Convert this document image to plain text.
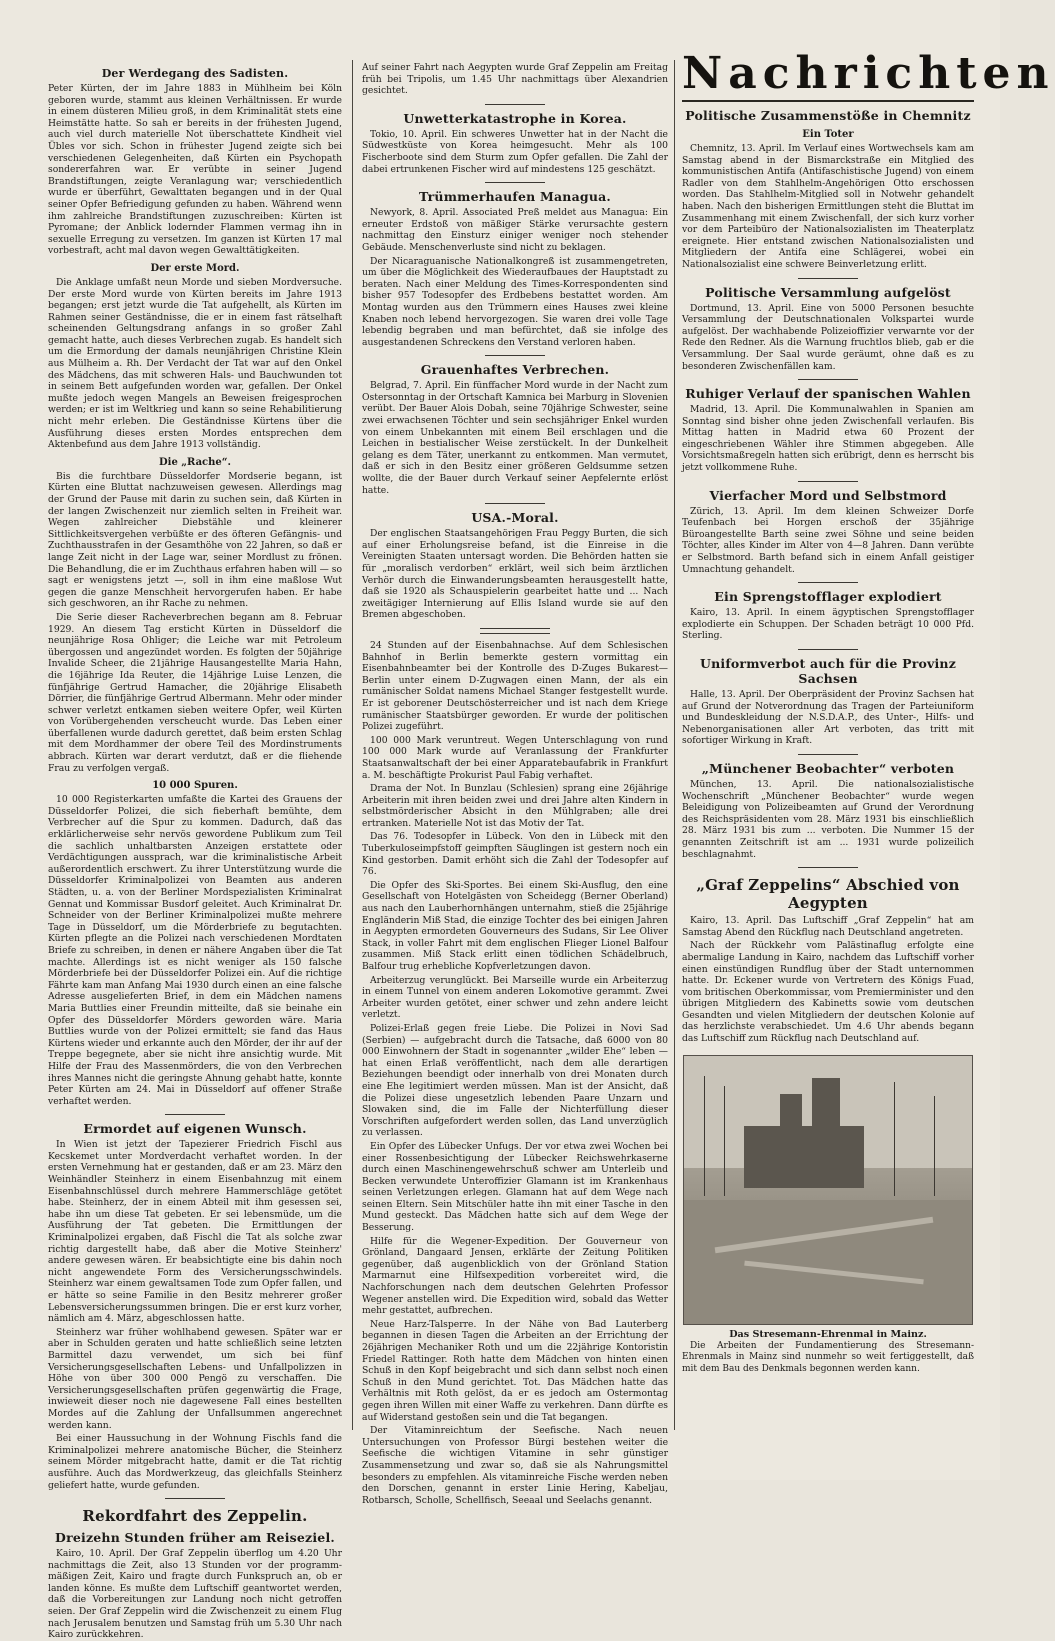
Der Werdegang des Sadisten.

Peter Kürten, der im Jahre 1883 in Mühlheim bei Köln geboren wurde, stammt aus kleinen Verhältnissen. Er wurde in einem düsteren Milieu groß, in dem Kriminalität stets eine Heimstätte hatte. So sah er bereits in der frühesten Jugend, auch viel durch materielle Not überschattete Kindheit viel Übles vor sich. Schon in frühester Jugend zeigte sich bei verschiedenen Gelegenheiten, daß Kürten ein Psychopath sondererfahren war. Er verübte in seiner Jugend Brandstiftungen, zeigte Veranlagung war; verschiedentlich wurde er überführt, Gewalttaten begangen und in der Qual seiner Opfer Befriedigung gefunden zu haben. Während wenn ihm zahlreiche Brandstiftungen zuzuschreiben: Kürten ist Pyromane; der Anblick lodernder Flammen vermag ihn in sexuelle Erregung zu versetzen. Im ganzen ist Kürten 17 mal vorbestraft, acht mal davon wegen Gewalttätigkeiten.

Der erste Mord.

Die Anklage umfaßt neun Morde und sieben Mordversuche. Der erste Mord wurde von Kürten bereits im Jahre 1913 begangen; erst jetzt wurde die Tat aufgehellt, als Kürten im Rahmen seiner Geständnisse, die er in einem fast rätselhaft scheinenden Geltungsdrang anfangs in so großer Zahl gemacht hatte, auch dieses Verbrechen zugab. Es handelt sich um die Ermordung der damals neunjährigen Christine Klein aus Mülheim a. Rh. Der Verdacht der Tat war auf den Onkel des Mädchens, das mit schweren Hals- und Bauchwunden tot in seinem Bett aufgefunden worden war, gefallen. Der Onkel mußte jedoch wegen Mangels an Beweisen freigesprochen werden; er ist im Weltkrieg und kann so seine Rehabilitierung nicht mehr erleben. Die Geständnisse Kürtens über die Ausführung dieses ersten Mordes entsprechen dem Aktenbefund aus dem Jahre 1913 vollständig.

Die „Rache“.

Bis die furchtbare Düsseldorfer Mordserie begann, ist Kürten eine Bluttat nachzuweisen gewesen. Allerdings mag der Grund der Pause mit darin zu suchen sein, daß Kürten in der langen Zwischenzeit nur ziemlich selten in Freiheit war. Wegen zahlreicher Diebstähle und kleinerer Sittlichkeitsvergehen verbüßte er des öfteren Gefängnis- und Zuchthausstrafen in der Gesamthöhe von 22 Jahren, so daß er lange Zeit nicht in der Lage war, seiner Mordlust zu frönen. Die Behandlung, die er im Zuchthaus erfahren haben will — so sagt er wenigstens jetzt —, soll in ihm eine maßlose Wut gegen die ganze Menschheit hervorgerufen haben. Er habe sich geschworen, an ihr Rache zu nehmen.

Die Serie dieser Racheverbrechen begann am 8. Februar 1929. An diesem Tag ersticht Kürten in Düsseldorf die neunjährige Rosa Ohliger; die Leiche war mit Petroleum übergossen und angezündet worden. Es folgten der 50jährige Invalide Scheer, die 21jährige Hausangestellte Maria Hahn, die 16jährige Ida Reuter, die 14jährige Luise Lenzen, die fünfjährige Gertrud Hamacher, die 20jährige Elisabeth Dörrier, die fünfjährige Gertrud Albermann. Mehr oder minder schwer verletzt entkamen sieben weitere Opfer, weil Kürten von Vorübergehenden verscheucht wurde. Das Leben einer überfallenen wurde dadurch gerettet, daß beim ersten Schlag mit dem Mordhammer der obere Teil des Mordinstruments abbrach. Kürten war derart verdutzt, daß er die fliehende Frau zu verfolgen vergaß.

10 000 Spuren.

10 000 Registerkarten umfaßte die Kartei des Grauens der Düsseldorfer Polizei, die sich fieberhaft bemühte, dem Verbrecher auf die Spur zu kommen. Dadurch, daß das erklärlicherweise sehr nervös gewordene Publikum zum Teil die sachlich unhaltbarsten Anzeigen erstattete oder Verdächtigungen aussprach, war die kriminalistische Arbeit außerordentlich erschwert. Zu ihrer Unterstützung wurde die Düsseldorfer Kriminalpolizei von Beamten aus anderen Städten, u. a. von der Berliner Mordspezialisten Kriminalrat Gennat und Kommissar Busdorf geleitet. Auch Kriminalrat Dr. Schneider von der Berliner Kriminalpolizei mußte mehrere Tage in Düsseldorf, um die Mörderbriefe zu begutachten. Kürten pflegte an die Polizei nach verschiedenen Mordtaten Briefe zu schreiben, in denen er nähere Angaben über die Tat machte. Allerdings ist es nicht weniger als 150 falsche Mörderbriefe bei der Düsseldorfer Polizei ein. Auf die richtige Fährte kam man Anfang Mai 1930 durch einen an eine falsche Adresse ausgelieferten Brief, in dem ein Mädchen namens Maria Buttlies einer Freundin mitteilte, daß sie beinahe ein Opfer des Düsseldorfer Mörders geworden wäre. Maria Buttlies wurde von der Polizei ermittelt; sie fand das Haus Kürtens wieder und erkannte auch den Mörder, der ihr auf der Treppe begegnete, aber sie nicht ihre ansichtig wurde. Mit Hilfe der Frau des Massenmörders, die von den Verbrechen ihres Mannes nicht die geringste Ahnung gehabt hatte, konnte Peter Kürten am 24. Mai in Düsseldorf auf offener Straße verhaftet werden.

Ermordet auf eigenen Wunsch.

In Wien ist jetzt der Tapezierer Friedrich Fischl aus Kecskemet unter Mordverdacht verhaftet worden. In der ersten Vernehmung hat er gestanden, daß er am 23. März den Weinhändler Steinherz in einem Eisenbahnzug mit einem Eisenbahnschlüssel durch mehrere Hammerschläge getötet habe. Steinherz, der in einem Abteil mit ihm gesessen sei, habe ihn um diese Tat gebeten. Er sei lebensmüde, um die Ausführung der Tat gebeten. Die Ermittlungen der Kriminalpolizei ergaben, daß Fischl die Tat als solche zwar richtig dargestellt habe, daß aber die Motive Steinherz' andere gewesen wären. Er beabsichtigte eine bis dahin noch nicht angewendete Form des Versicherungsschwindels. Steinherz war einem gewaltsamen Tode zum Opfer fallen, und er hätte so seine Familie in den Besitz mehrerer großer Lebensversicherungssummen bringen. Die er erst kurz vorher, nämlich am 4. März, abgeschlossen hatte.

Steinherz war früher wohlhabend gewesen. Später war er aber in Schulden geraten und hatte schließlich seine letzten Barmittel dazu verwendet, um sich bei fünf Versicherungsgesellschaften Lebens- und Unfallpolizzen in Höhe von über 300 000 Pengö zu verschaffen. Die Versicherungsgesellschaften prüfen gegenwärtig die Frage, inwieweit dieser noch nie dagewesene Fall eines bestellten Mordes auf die Zahlung der Unfallsummen angerechnet werden kann.

Bei einer Haussuchung in der Wohnung Fischls fand die Kriminalpolizei mehrere anatomische Bücher, die Steinherz seinem Mörder mitgebracht hatte, damit er die Tat richtig ausführe. Auch das Mordwerkzeug, das gleichfalls Steinherz geliefert hatte, wurde gefunden.

Rekordfahrt des Zeppelin.
Dreizehn Stunden früher am Reiseziel.

Kairo, 10. April. Der Graf Zeppelin überflog um 4.20 Uhr nachmittags die Zeit, also 13 Stunden vor der programmmäßigen Zeit, Kairo und fragte durch Funkspruch an, ob er landen könne. Es mußte dem Luftschiff geantwortet werden, daß die Vorbereitungen zur Landung noch nicht getroffen seien. Der Graf Zeppelin wird die Zwischenzeit zu einem Flug nach Jerusalem benutzen und Samstag früh um 5.30 Uhr nach Kairo zurückkehren.

Auf seiner Fahrt nach Aegypten wurde Graf Zeppelin am Freitag früh bei Tripolis, um 1.45 Uhr nachmittags über Alexandrien gesichtet.

Unwetterkatastrophe in Korea.

Tokio, 10. April. Ein schweres Unwetter hat in der Nacht die Südwestküste von Korea heimgesucht. Mehr als 100 Fischerboote sind dem Sturm zum Opfer gefallen. Die Zahl der dabei ertrunkenen Fischer wird auf mindestens 125 geschätzt.

Trümmerhaufen Managua.

Newyork, 8. April. Associated Preß meldet aus Managua: Ein erneuter Erdstoß von mäßiger Stärke verursachte gestern nachmittag den Einsturz einiger weniger noch stehender Gebäude. Menschenverluste sind nicht zu beklagen.

Der Nicaraguanische Nationalkongreß ist zusammengetreten, um über die Möglichkeit des Wiederaufbaues der Hauptstadt zu beraten. Nach einer Meldung des Times-Korrespondenten sind bisher 957 Todesopfer des Erdbebens bestattet worden. Am Montag wurden aus den Trümmern eines Hauses zwei kleine Knaben noch lebend hervorgezogen. Sie waren drei volle Tage lebendig begraben und man befürchtet, daß sie infolge des ausgestandenen Schreckens den Verstand verloren haben.

Grauenhaftes Verbrechen.

Belgrad, 7. April. Ein fünffacher Mord wurde in der Nacht zum Ostersonntag in der Ortschaft Kamnica bei Marburg in Slovenien verübt. Der Bauer Alois Dobah, seine 70jährige Schwester, seine zwei erwachsenen Töchter und sein sechsjähriger Enkel wurden von einem Unbekannten mit einem Beil erschlagen und die Leichen in bestialischer Weise zerstückelt. In der Dunkelheit gelang es dem Täter, unerkannt zu entkommen. Man vermutet, daß er sich in den Besitz einer größeren Geldsumme setzen wollte, die der Bauer durch Verkauf seiner Aepfelernte erlöst hatte.

USA.-Moral.

Der englischen Staatsangehörigen Frau Peggy Burten, die sich auf einer Erholungsreise befand, ist die Einreise in die Vereinigten Staaten untersagt worden. Die Behörden hatten sie für „moralisch verdorben“ erklärt, weil sich beim ärztlichen Verhör durch die Einwanderungsbeamten herausgestellt hatte, daß sie 1920 als Schauspielerin gearbeitet hatte und ... Nach zweitägiger Internierung auf Ellis Island wurde sie auf den Bremen abgeschoben.

24 Stunden auf der Eisenbahnachse. Auf dem Schlesischen Bahnhof in Berlin bemerkte gestern vormittag ein Eisenbahnbeamter bei der Kontrolle des D-Zuges Bukarest—Berlin unter einem D-Zugwagen einen Mann, der als ein rumänischer Soldat namens Michael Stanger festgestellt wurde. Er ist geborener Deutschösterreicher und ist nach dem Kriege rumänischer Staatsbürger geworden. Er wurde der politischen Polizei zugeführt.

100 000 Mark veruntreut. Wegen Unterschlagung von rund 100 000 Mark wurde auf Veranlassung der Frankfurter Staatsanwaltschaft der bei einer Apparatebaufabrik in Frankfurt a. M. beschäftigte Prokurist Paul Fabig verhaftet.

Drama der Not. In Bunzlau (Schlesien) sprang eine 26jährige Arbeiterin mit ihren beiden zwei und drei Jahre alten Kindern in selbstmörderischer Absicht in den Mühlgraben; alle drei ertranken. Materielle Not ist das Motiv der Tat.

Das 76. Todesopfer in Lübeck. Von den in Lübeck mit den Tuberkuloseimpfstoff geimpften Säuglingen ist gestern noch ein Kind gestorben. Damit erhöht sich die Zahl der Todesopfer auf 76.

Die Opfer des Ski-Sportes. Bei einem Ski-Ausflug, den eine Gesellschaft von Hotelgästen von Scheidegg (Berner Oberland) aus nach den Lauberhornhängen unternahm, stieß die 25jährige Engländerin Miß Stad, die einzige Tochter des bei einigen Jahren in Aegypten ermordeten Gouverneurs des Sudans, Sir Lee Oliver Stack, in voller Fahrt mit dem englischen Flieger Lionel Balfour zusammen. Miß Stack erlitt einen tödlichen Schädelbruch, Balfour trug erhebliche Kopfverletzungen davon.

Arbeiterzug verunglückt. Bei Marseille wurde ein Arbeiterzug in einem Tunnel von einem anderen Lokomotive gerammt. Zwei Arbeiter wurden getötet, einer schwer und zehn andere leicht verletzt.

Polizei-Erlaß gegen freie Liebe. Die Polizei in Novi Sad (Serbien) — aufgebracht durch die Tatsache, daß 6000 von 80 000 Einwohnern der Stadt in sogenannter „wilder Ehe“ leben — hat einen Erlaß veröffentlicht, nach dem alle derartigen Beziehungen beendigt oder innerhalb von drei Monaten durch eine Ehe legitimiert werden müssen. Man ist der Ansicht, daß die Polizei diese ungesetzlich lebenden Paare Unzarn und Slowaken sind, die im Falle der Nichterfüllung dieser Vorschriften aufgefordert werden sollen, das Land unverzüglich zu verlassen.

Ein Opfer des Lübecker Unfugs. Der vor etwa zwei Wochen bei einer Rossenbesichtigung der Lübecker Reichswehrkaserne durch einen Maschinengewehrschuß schwer am Unterleib und Becken verwundete Unteroffizier Glamann ist im Krankenhaus seinen Verletzungen erlegen. Glamann hat auf dem Wege nach seinen Eltern. Sein Mitschüler hatte ihn mit einer Tasche in den Mund gesteckt. Das Mädchen hatte sich auf dem Wege der Besserung.

Hilfe für die Wegener-Expedition. Der Gouverneur von Grönland, Dangaard Jensen, erklärte der Zeitung Politiken gegenüber, daß augenblicklich von der Grönland Station Marmarnut eine Hilfsexpedition vorbereitet wird, die Nachforschungen nach dem deutschen Gelehrten Professor Wegener anstellen wird. Die Expedition wird, sobald das Wetter mehr gestattet, aufbrechen.

Neue Harz-Talsperre. In der Nähe von Bad Lauterberg begannen in diesen Tagen die Arbeiten an der Errichtung der 26jährigen Mechaniker Roth und um die 22jährige Kontoristin Friedel Rattinger. Roth hatte dem Mädchen von hinten einen Schuß in den Kopf beigebracht und sich dann selbst noch einen Schuß in den Mund gerichtet. Tot. Das Mädchen hatte das Verhältnis mit Roth gelöst, da er es jedoch am Ostermontag gegen ihren Willen mit einer Waffe zu verkehren. Dann dürfte es auf Widerstand gestoßen sein und die Tat begangen.

Der Vitaminreichtum der Seefische. Nach neuen Untersuchungen von Professor Bürgi bestehen weiter die Seefische die wichtigen Vitamine in sehr günstiger Zusammensetzung und zwar so, daß sie als Nahrungsmittel besonders zu empfehlen. Als vitaminreiche Fische werden neben den Dorschen, genannt in erster Linie Hering, Kabeljau, Rotbarsch, Scholle, Schellfisch, Seeaal und Seelachs genannt.

Nachrichten
Politische Zusammenstöße in Chemnitz
Ein Toter

Chemnitz, 13. April. Im Verlauf eines Wortwechsels kam am Samstag abend in der Bismarckstraße ein Mitglied des kommunistischen Antifa (Antifaschistische Jugend) von einem Radler von dem Stahlhelm-Angehörigen Otto erschossen worden. Das Stahlhelm-Mitglied soll in Notwehr gehandelt haben. Nach den bisherigen Ermittlungen steht die Bluttat im Zusammenhang mit einem Zwischenfall, der sich kurz vorher vor dem Parteibüro der Nationalsozialisten im Theaterplatz ereignete. Hier entstand zwischen Nationalsozialisten und Mitgliedern der Antifa eine Schlägerei, wobei ein Nationalsozialist eine schwere Beinverletzung erlitt.

Politische Versammlung aufgelöst

Dortmund, 13. April. Eine von 5000 Personen besuchte Versammlung der Deutschnationalen Volkspartei wurde aufgelöst. Der wachhabende Polizeioffizier verwarnte vor der Rede den Redner. Als die Warnung fruchtlos blieb, gab er die Versammlung. Der Saal wurde geräumt, ohne daß es zu besonderen Zwischenfällen kam.

Ruhiger Verlauf der spanischen Wahlen

Madrid, 13. April. Die Kommunalwahlen in Spanien am Sonntag sind bisher ohne jeden Zwischenfall verlaufen. Bis Mittag hatten in Madrid etwa 60 Prozent der eingeschriebenen Wähler ihre Stimmen abgegeben. Alle Vorsichtsmaßregeln hatten sich erübrigt, denn es herrscht bis jetzt vollkommene Ruhe.

Vierfacher Mord und Selbstmord

Zürich, 13. April. Im dem kleinen Schweizer Dorfe Teufenbach bei Horgen erschoß der 35jährige Büroangestellte Barth seine zwei Söhne und seine beiden Töchter, alles Kinder im Alter von 4—8 Jahren. Dann verübte er Selbstmord. Barth befand sich in einem Anfall geistiger Umnachtung gehandelt.

Ein Sprengstofflager explodiert

Kairo, 13. April. In einem ägyptischen Sprengstofflager explodierte ein Schuppen. Der Schaden beträgt 10 000 Pfd. Sterling.

Uniformverbot auch für die Provinz Sachsen

Halle, 13. April. Der Oberpräsident der Provinz Sachsen hat auf Grund der Notverordnung das Tragen der Parteiuniform und Bundeskleidung der N.S.D.A.P., des Unter-, Hilfs- und Nebenorganisationen aller Art verboten, das tritt mit sofortiger Wirkung in Kraft.

„Münchener Beobachter“ verboten

München, 13. April. Die nationalsozialistische Wochenschrift „Münchener Beobachter“ wurde wegen Beleidigung von Polizeibeamten auf Grund der Verordnung des Reichspräsidenten vom 28. März 1931 bis einschließlich 28. März 1931 bis zum ... verboten. Die Nummer 15 der genannten Zeitschrift ist am ... 1931 wurde polizeilich beschlagnahmt.

„Graf Zeppelins“ Abschied von Aegypten

Kairo, 13. April. Das Luftschiff „Graf Zeppelin“ hat am Samstag Abend den Rückflug nach Deutschland angetreten.

Nach der Rückkehr vom Palästinaflug erfolgte eine abermalige Landung in Kairo, nachdem das Luftschiff vorher einen einstündigen Rundflug über der Stadt unternommen hatte. Dr. Eckener wurde von Vertretern des Königs Fuad, vom britischen Oberkommissar, vom Premierminister und den übrigen Mitgliedern des Kabinetts sowie vom deutschen Gesandten und vielen Mitgliedern der deutschen Kolonie auf das herzlichste verabschiedet. Um 4.6 Uhr abends begann das Luftschiff zum Rückflug nach Deutschland auf.

Das Stresemann-Ehrenmal in Mainz.

Die Arbeiten der Fundamentierung des Stresemann-Ehrenmals in Mainz sind nunmehr so weit fertiggestellt, daß mit dem Bau des Denkmals begonnen werden kann.
